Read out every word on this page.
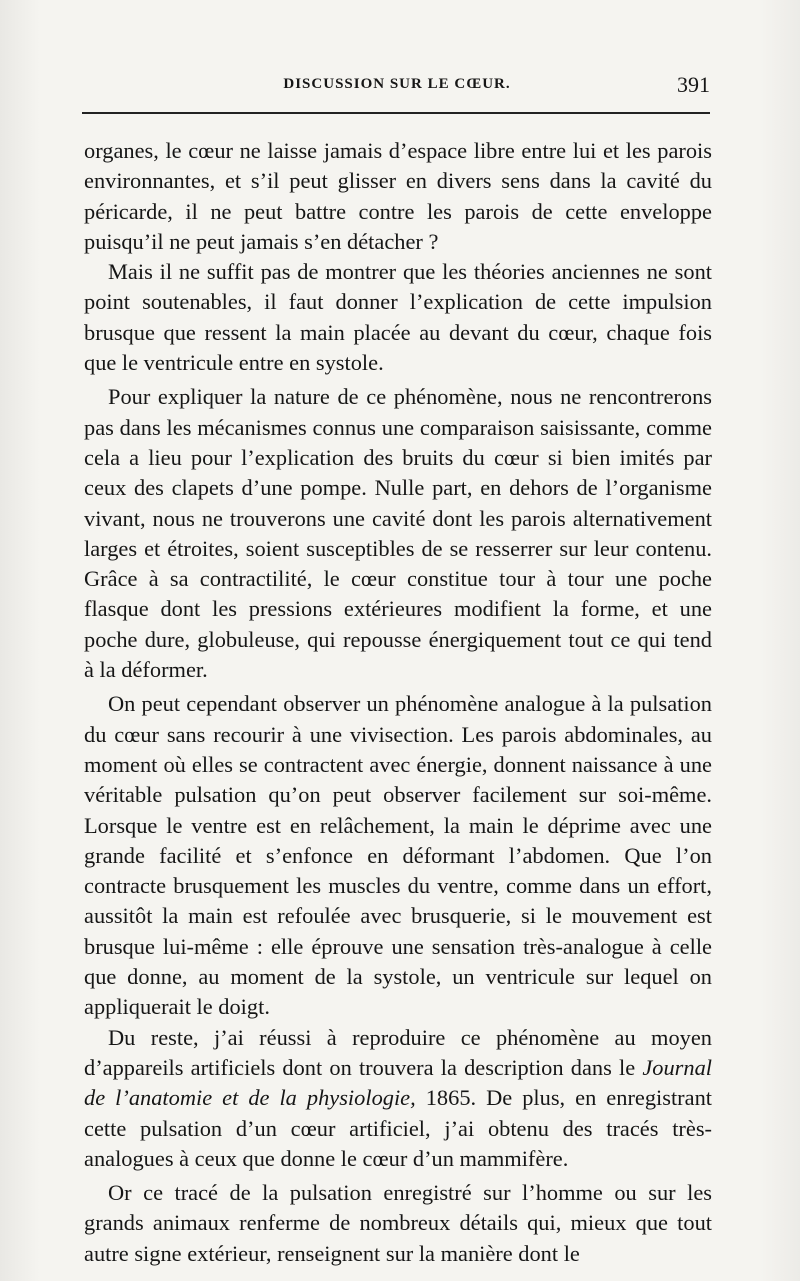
DISCUSSION SUR LE CŒUR.	391

organes, le cœur ne laisse jamais d’espace libre entre lui et les parois environnantes, et s’il peut glisser en divers sens dans la cavité du péricarde, il ne peut battre contre les parois de cette enveloppe puisqu’il ne peut jamais s’en détacher ?

Mais il ne suffit pas de montrer que les théories anciennes ne sont point soutenables, il faut donner l’explication de cette impulsion brusque que ressent la main placée au devant du cœur, chaque fois que le ventricule entre en systole.

Pour expliquer la nature de ce phénomène, nous ne rencontrerons pas dans les mécanismes connus une comparaison saisissante, comme cela a lieu pour l’explication des bruits du cœur si bien imités par ceux des clapets d’une pompe. Nulle part, en dehors de l’organisme vivant, nous ne trouverons une cavité dont les parois alternativement larges et étroites, soient susceptibles de se resserrer sur leur contenu. Grâce à sa contractilité, le cœur constitue tour à tour une poche flasque dont les pressions extérieures modifient la forme, et une poche dure, globuleuse, qui repousse énergiquement tout ce qui tend à la déformer.

On peut cependant observer un phénomène analogue à la pulsation du cœur sans recourir à une vivisection. Les parois abdominales, au moment où elles se contractent avec énergie, donnent naissance à une véritable pulsation qu’on peut observer facilement sur soi-même. Lorsque le ventre est en relâchement, la main le déprime avec une grande facilité et s’enfonce en déformant l’abdomen. Que l’on contracte brusquement les muscles du ventre, comme dans un effort, aussitôt la main est refoulée avec brusquerie, si le mouvement est brusque lui-même : elle éprouve une sensation très-analogue à celle que donne, au moment de la systole, un ventricule sur lequel on appliquerait le doigt.

Du reste, j’ai réussi à reproduire ce phénomène au moyen d’appareils artificiels dont on trouvera la description dans le Journal de l’anatomie et de la physiologie, 1865. De plus, en enregistrant cette pulsation d’un cœur artificiel, j’ai obtenu des tracés très-analogues à ceux que donne le cœur d’un mammifère.

Or ce tracé de la pulsation enregistré sur l’homme ou sur les grands animaux renferme de nombreux détails qui, mieux que tout autre signe extérieur, renseignent sur la manière dont le
